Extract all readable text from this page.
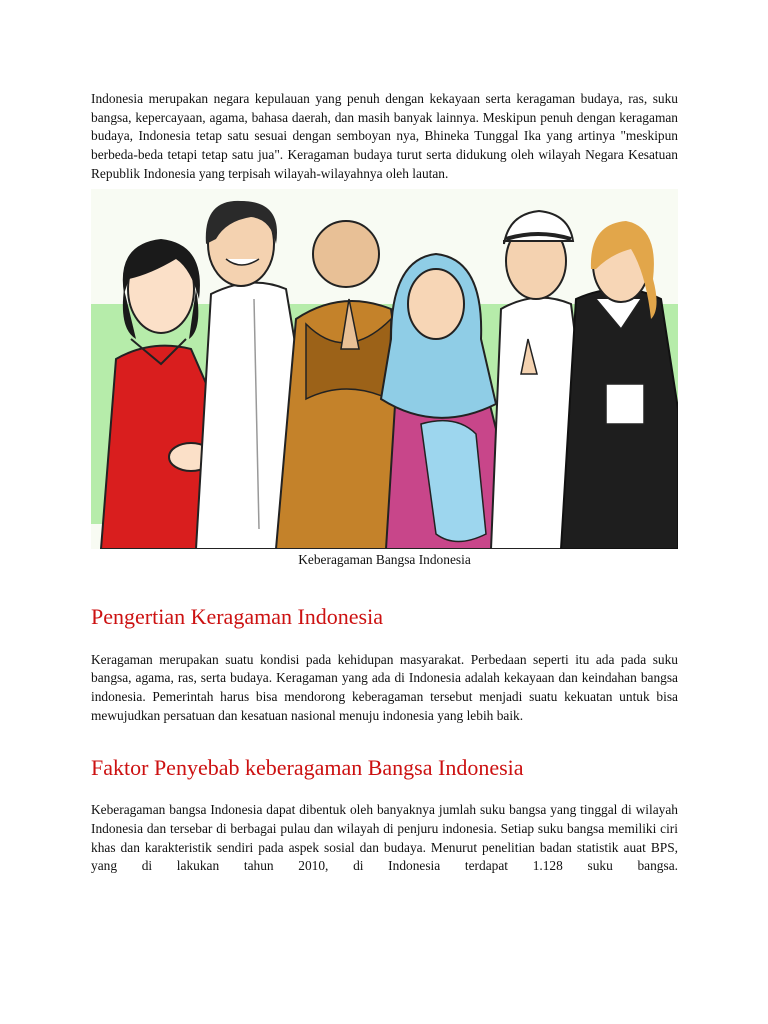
Indonesia merupakan negara kepulauan yang penuh dengan kekayaan serta keragaman budaya, ras, suku bangsa, kepercayaan, agama, bahasa daerah, dan masih banyak lainnya. Meskipun penuh dengan keragaman budaya, Indonesia tetap satu sesuai dengan semboyan nya, Bhineka Tunggal Ika yang artinya "meskipun berbeda-beda tetapi tetap satu jua". Keragaman budaya turut serta didukung oleh wilayah Negara Kesatuan Republik Indonesia yang terpisah wilayah-wilayahnya oleh lautan.

Keberagaman Bangsa Indonesia
Pengertian Keragaman Indonesia

Keragaman merupakan suatu kondisi pada kehidupan masyarakat. Perbedaan seperti itu ada pada suku bangsa, agama, ras, serta budaya. Keragaman yang ada di Indonesia adalah kekayaan dan keindahan bangsa indonesia. Pemerintah harus bisa mendorong keberagaman tersebut menjadi suatu kekuatan untuk bisa mewujudkan persatuan dan kesatuan nasional menuju indonesia yang lebih baik.

Faktor Penyebab keberagaman Bangsa Indonesia

Keberagaman bangsa Indonesia dapat dibentuk oleh banyaknya jumlah suku bangsa yang tinggal di wilayah Indonesia dan tersebar di berbagai pulau dan wilayah di penjuru indonesia. Setiap suku bangsa memiliki ciri khas dan karakteristik sendiri pada aspek sosial dan budaya. Menurut penelitian badan statistik auat BPS, yang di lakukan tahun 2010, di Indonesia terdapat 1.128 suku bangsa.
